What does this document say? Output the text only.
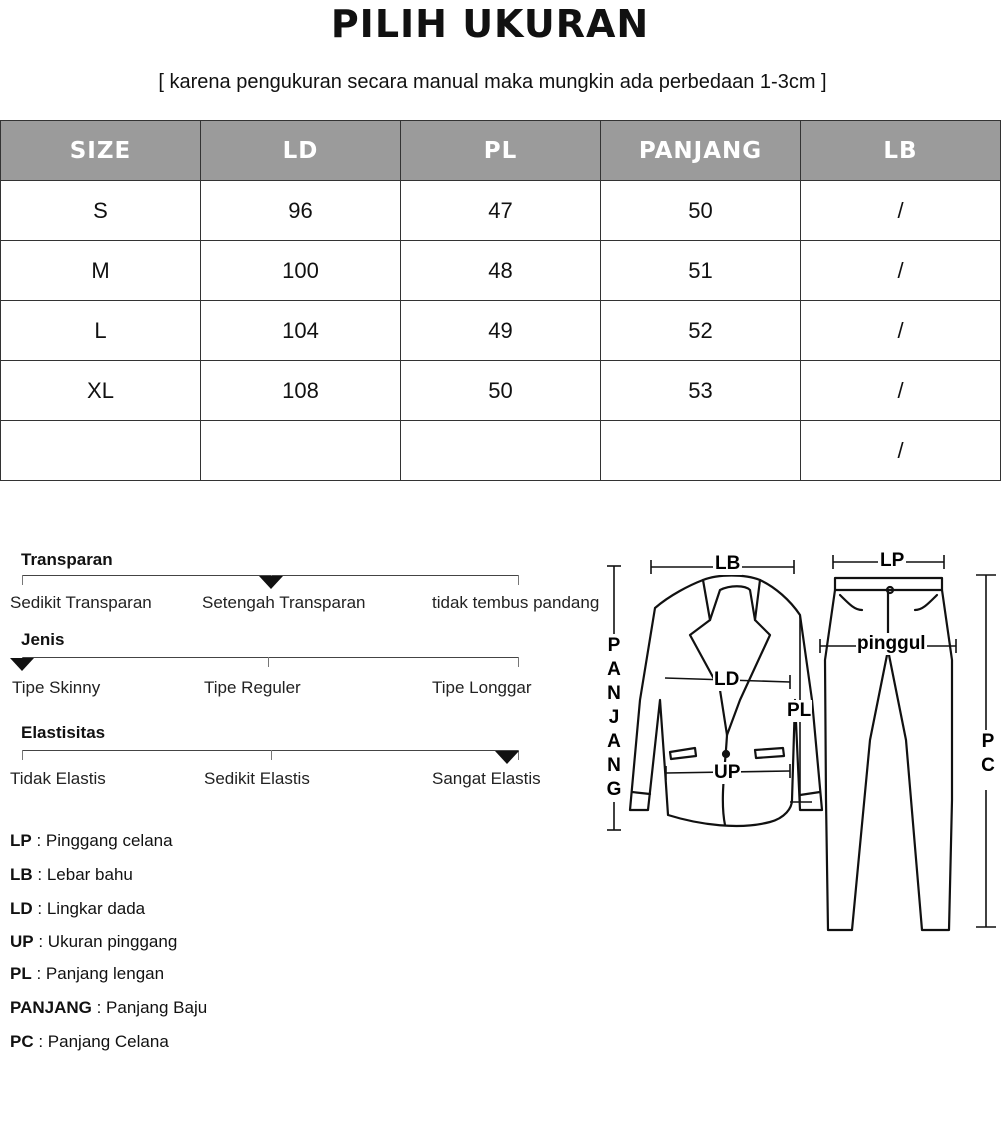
PILIH UKURAN
[ karena pengukuran secara manual maka mungkin ada perbedaan 1-3cm ]
SIZE	LD	PL	PANJANG	LB
S	96	47	50	/
M	100	48	51	/
L	104	49	52	/
XL	108	50	53	/
				/
Transparan
Sedikit Transparan	Setengah Transparan	tidak tembus pandang
Jenis
Tipe Skinny	Tipe Reguler	Tipe Longgar
Elastisitas
Tidak Elastis	Sedikit Elastis	Sangat Elastis
LP : Pinggang celana
LB : Lebar bahu
LD : Lingkar dada
UP : Ukuran pinggang
PL : Panjang lengan
PANJANG : Panjang Baju
PC : Panjang Celana
LB	LP
LD
UP
PL
pinggul
P
A
N
J
A
N
G
P
C
